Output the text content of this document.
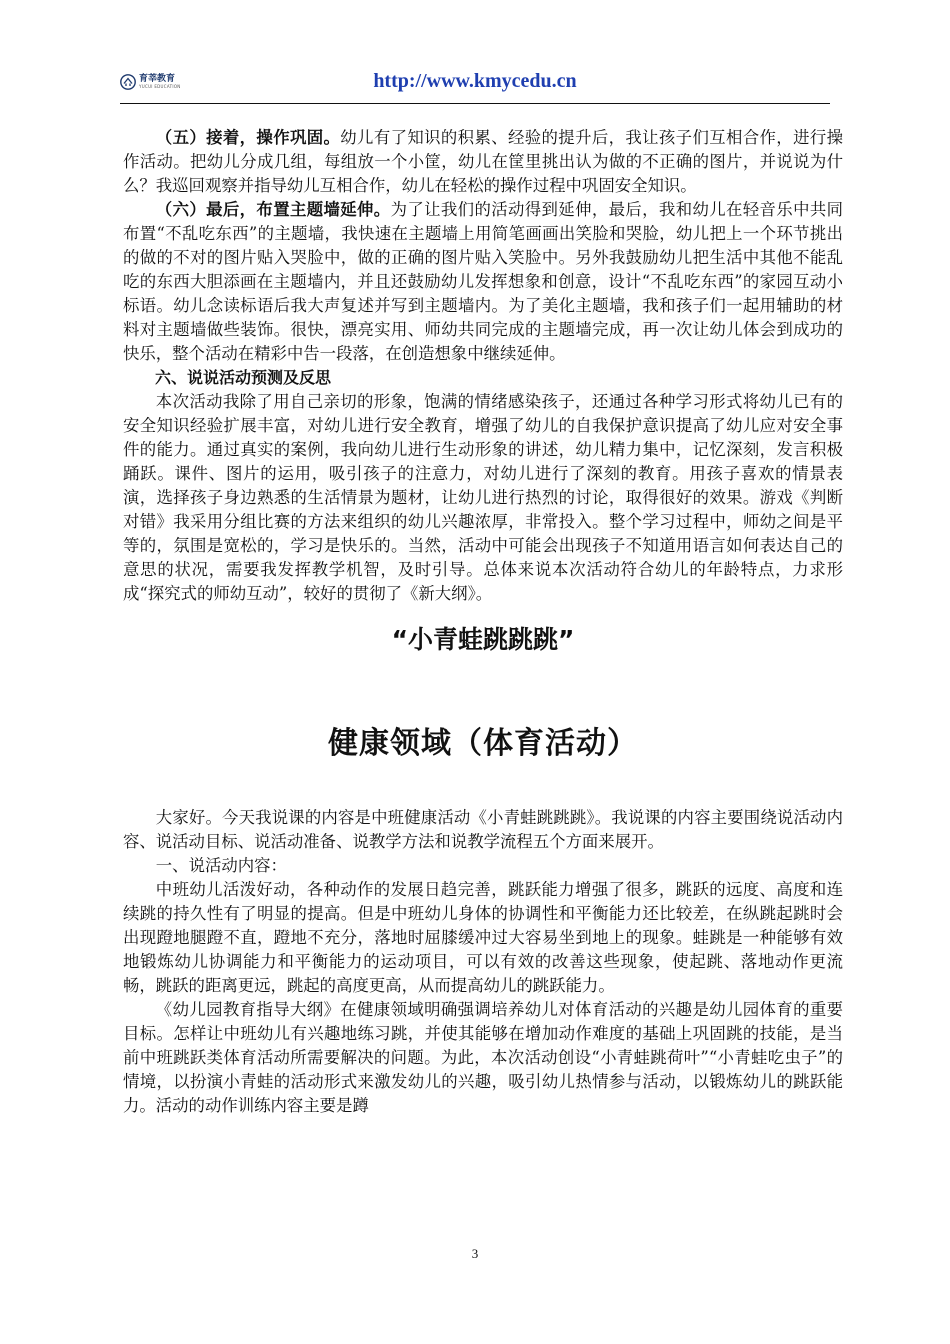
育莘教育
YUCUI EDUCATION	http://www.kmycedu.cn

（五）接着，操作巩固。幼儿有了知识的积累、经验的提升后，我让孩子们互相合作，进行操作活动。把幼儿分成几组，每组放一个小筐，幼儿在筐里挑出认为做的不正确的图片，并说说为什么？我巡回观察并指导幼儿互相合作，幼儿在轻松的操作过程中巩固安全知识。

（六）最后，布置主题墙延伸。为了让我们的活动得到延伸，最后，我和幼儿在轻音乐中共同布置“不乱吃东西”的主题墙，我快速在主题墙上用简笔画画出笑脸和哭脸，幼儿把上一个环节挑出的做的不对的图片贴入哭脸中，做的正确的图片贴入笑脸中。另外我鼓励幼儿把生活中其他不能乱吃的东西大胆添画在主题墙内，并且还鼓励幼儿发挥想象和创意，设计“不乱吃东西”的家园互动小标语。幼儿念读标语后我大声复述并写到主题墙内。为了美化主题墙，我和孩子们一起用辅助的材料对主题墙做些装饰。很快，漂亮实用、师幼共同完成的主题墙完成，再一次让幼儿体会到成功的快乐，整个活动在精彩中告一段落，在创造想象中继续延伸。

六、说说活动预测及反思

本次活动我除了用自己亲切的形象，饱满的情绪感染孩子，还通过各种学习形式将幼儿已有的安全知识经验扩展丰富，对幼儿进行安全教育，增强了幼儿的自我保护意识提高了幼儿应对安全事件的能力。通过真实的案例，我向幼儿进行生动形象的讲述，幼儿精力集中，记忆深刻，发言积极踊跃。课件、图片的运用，吸引孩子的注意力，对幼儿进行了深刻的教育。用孩子喜欢的情景表演，选择孩子身边熟悉的生活情景为题材，让幼儿进行热烈的讨论，取得很好的效果。游戏《判断对错》我采用分组比赛的方法来组织的幼儿兴趣浓厚，非常投入。整个学习过程中，师幼之间是平等的，氛围是宽松的，学习是快乐的。当然，活动中可能会出现孩子不知道用语言如何表达自己的意思的状况，需要我发挥教学机智，及时引导。总体来说本次活动符合幼儿的年龄特点，力求形成“探究式的师幼互动”，较好的贯彻了《新大纲》。

“小青蛙跳跳跳”
健康领域（体育活动）

大家好。今天我说课的内容是中班健康活动《小青蛙跳跳跳》。我说课的内容主要围绕说活动内容、说活动目标、说活动准备、说教学方法和说教学流程五个方面来展开。

一、说活动内容：

中班幼儿活泼好动，各种动作的发展日趋完善，跳跃能力增强了很多，跳跃的远度、高度和连续跳的持久性有了明显的提高。但是中班幼儿身体的协调性和平衡能力还比较差，在纵跳起跳时会出现蹬地腿蹬不直，蹬地不充分，落地时屈膝缓冲过大容易坐到地上的现象。蛙跳是一种能够有效地锻炼幼儿协调能力和平衡能力的运动项目，可以有效的改善这些现象，使起跳、落地动作更流畅，跳跃的距离更远，跳起的高度更高，从而提高幼儿的跳跃能力。

《幼儿园教育指导大纲》在健康领域明确强调培养幼儿对体育活动的兴趣是幼儿园体育的重要目标。怎样让中班幼儿有兴趣地练习跳，并使其能够在增加动作难度的基础上巩固跳的技能，是当前中班跳跃类体育活动所需要解决的问题。为此，本次活动创设“小青蛙跳荷叶”“小青蛙吃虫子”的情境，以扮演小青蛙的活动形式来激发幼儿的兴趣，吸引幼儿热情参与活动，以锻炼幼儿的跳跃能力。活动的动作训练内容主要是蹲

3
